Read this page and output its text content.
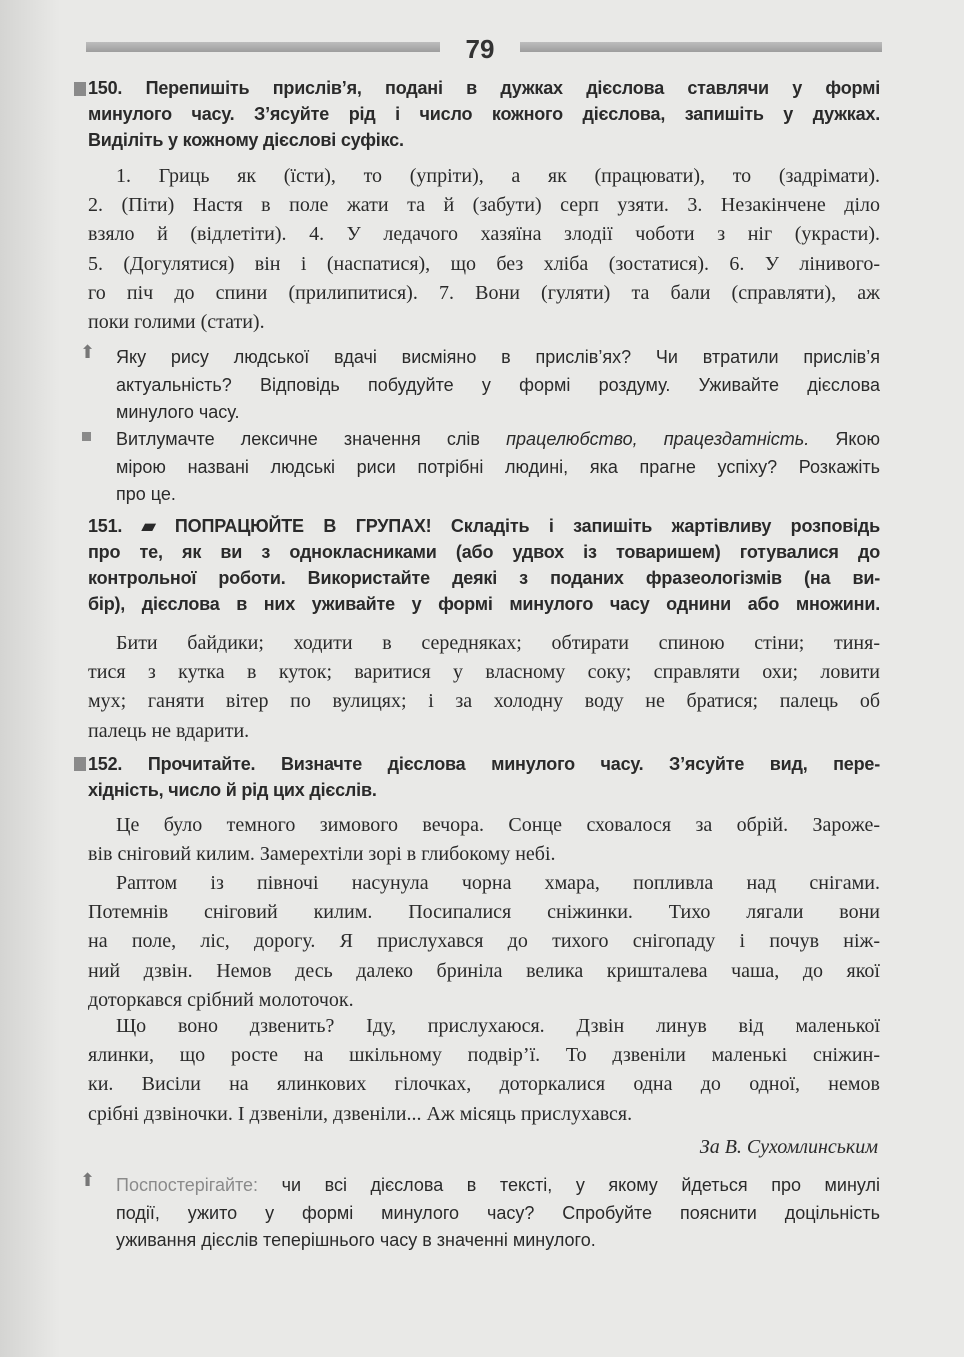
79
150. Перепишіть прислів’я, подані в дужках дієслова ставлячи у формі
минулого часу. З’ясуйте рід і число кожного дієслова, запишіть у дужках.
Виділіть у кожному дієслові суфікс.
1. Гриць як (їсти), то (упріти), а як (працювати), то (задрімати).
2. (Піти) Настя в поле жати та й (забути) серп узяти. 3. Незакінчене діло
взяло й (відлетіти). 4. У ледачого хазяїна злодії чоботи з ніг (украсти).
5. (Догулятися) він і (наспатися), що без хліба (зостатися). 6. У лінивого-
го піч до спини (прилипитися). 7. Вони (гуляти) та бали (справляти), аж
поки голими (стати).
⬆ Яку рису людської вдачі висміяно в прислів’ях? Чи втратили прислів’я
актуальність? Відповідь побудуйте у формі роздуму. Уживайте дієслова
минулого часу.
Витлумачте лексичне значення слів працелюбство, працездатність. Якою
мірою названі людські риси потрібні людині, яка прагне успіху? Розкажіть
про це.
151. ▰ ПОПРАЦЮЙТЕ В ГРУПАХ! Складіть і запишіть жартівливу розповідь
про те, як ви з однокласниками (або удвох із товаришем) готувалися до
контрольної роботи. Використайте деякі з поданих фразеологізмів (на ви-
бір), дієслова в них уживайте у формі минулого часу однини або множини.
Бити байдики; ходити в середняках; обтирати спиною стіни; тиня-
тися з кутка в куток; варитися у власному соку; справляти охи; ловити
мух; ганяти вітер по вулицях; і за холодну воду не братися; палець об
палець не вдарити.
152. Прочитайте. Визначте дієслова минулого часу. З’ясуйте вид, пере-
хідність, число й рід цих дієслів.
Це було темного зимового вечора. Сонце сховалося за обрій. Зароже-
вів сніговий килим. Замерехтіли зорі в глибокому небі.
Раптом із півночі насунула чорна хмара, попливла над снігами.
Потемнів сніговий килим. Посипалися сніжинки. Тихо лягали вони
на поле, ліс, дорогу. Я прислухався до тихого снігопаду і почув ніж-
ний дзвін. Немов десь далеко бриніла велика кришталева чаша, до якої
доторкався срібний молоточок.
Що воно дзвенить? Іду, прислухаюся. Дзвін линув від маленької
ялинки, що росте на шкільному подвір’ї. То дзвеніли маленькі сніжин-
ки. Висіли на ялинкових гілочках, доторкалися одна до одної, немов
срібні дзвіночки. І дзвеніли, дзвеніли... Аж місяць прислухався.
За В. Сухомлинським
⬆ Поспостерігайте: чи всі дієслова в тексті, у якому йдеться про минулі
події, ужито у формі минулого часу? Спробуйте пояснити доцільність
уживання дієслів теперішнього часу в значенні минулого.
